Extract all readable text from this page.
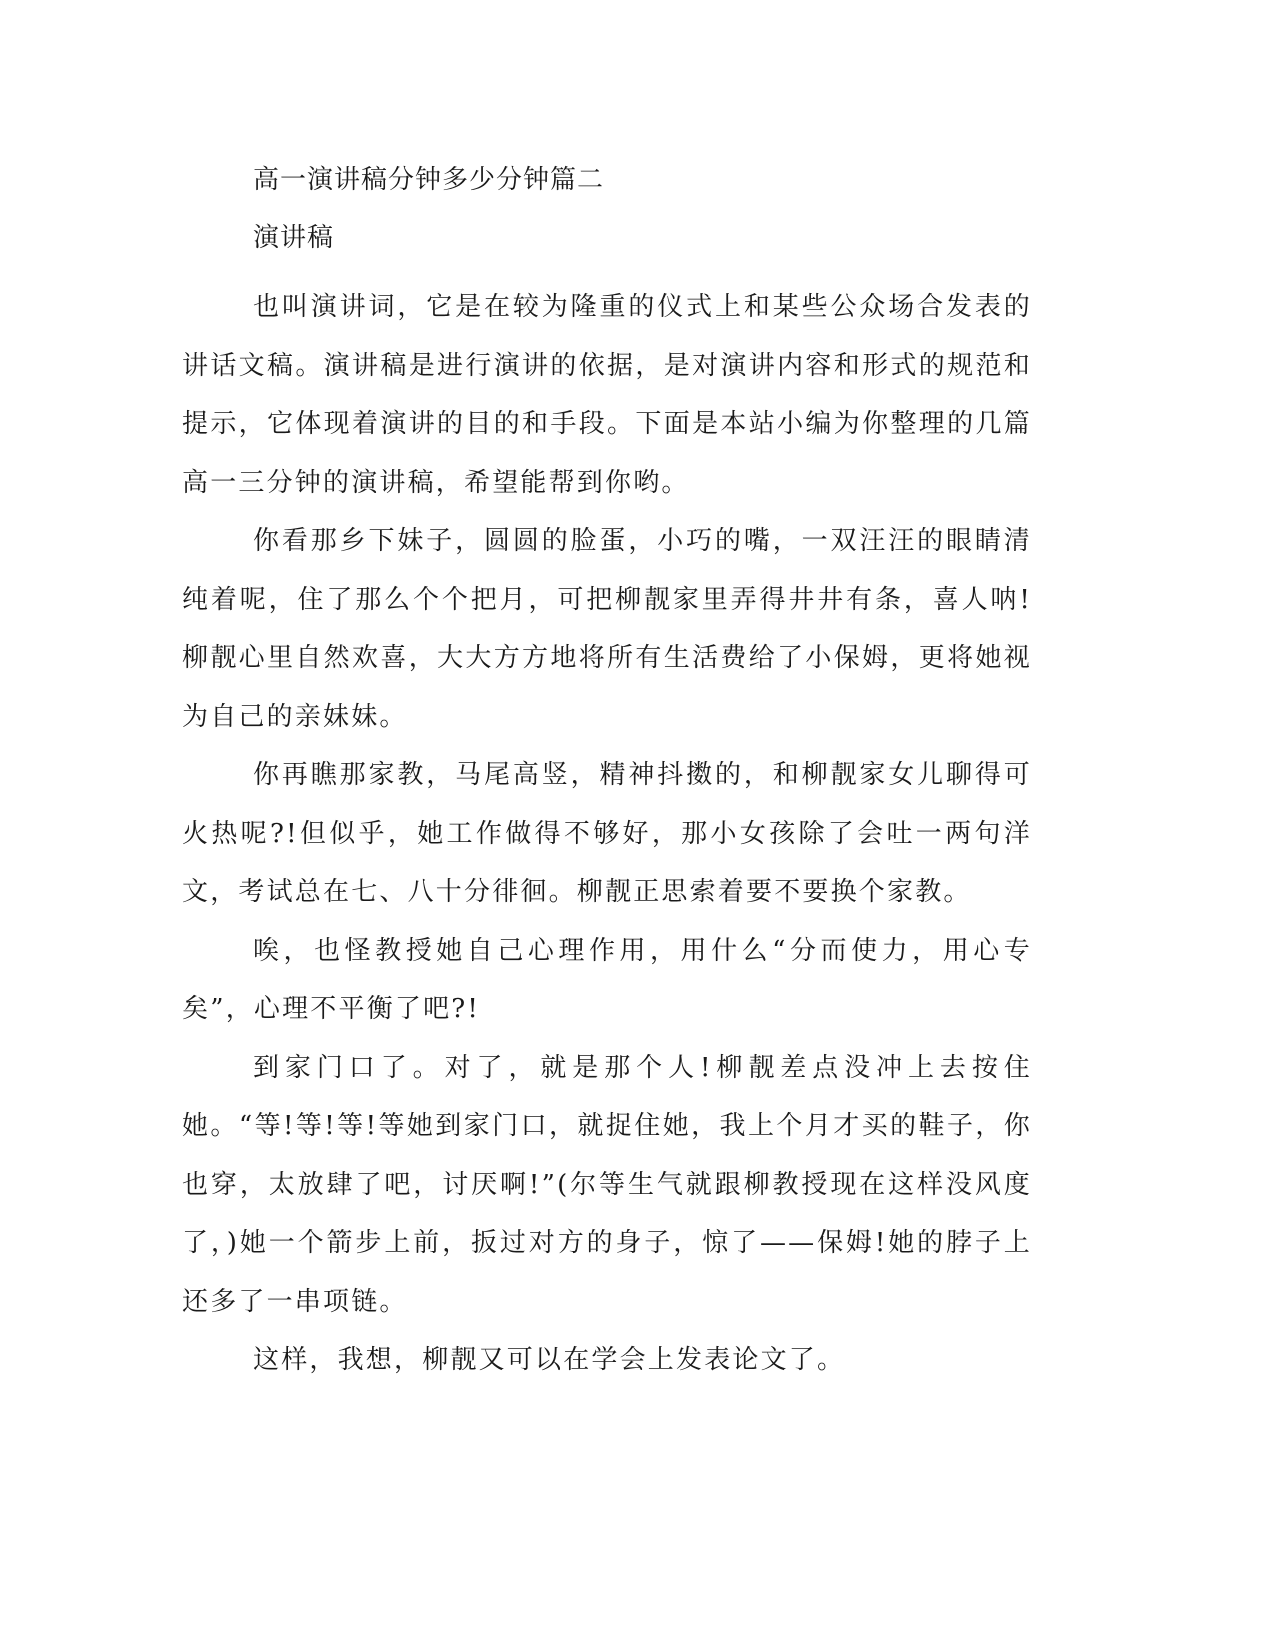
高一演讲稿分钟多少分钟篇二
演讲稿

也叫演讲词，它是在较为隆重的仪式上和某些公众场合发表的讲话文稿。演讲稿是进行演讲的依据，是对演讲内容和形式的规范和提示，它体现着演讲的目的和手段。下面是本站小编为你整理的几篇高一三分钟的演讲稿，希望能帮到你哟。

你看那乡下妹子，圆圆的脸蛋，小巧的嘴，一双汪汪的眼睛清纯着呢，住了那么个个把月，可把柳靓家里弄得井井有条，喜人呐!柳靓心里自然欢喜，大大方方地将所有生活费给了小保姆，更将她视为自己的亲妹妹。

你再瞧那家教，马尾高竖，精神抖擞的，和柳靓家女儿聊得可火热呢?!但似乎，她工作做得不够好，那小女孩除了会吐一两句洋文，考试总在七、八十分徘徊。柳靓正思索着要不要换个家教。

唉，也怪教授她自己心理作用，用什么“分而使力，用心专矣”，心理不平衡了吧?!

到家门口了。对了，就是那个人!柳靓差点没冲上去按住她。“等!等!等!等她到家门口，就捉住她，我上个月才买的鞋子，你也穿，太放肆了吧，讨厌啊!”(尔等生气就跟柳教授现在这样没风度了，)她一个箭步上前，扳过对方的身子，惊了——保姆!她的脖子上还多了一串项链。

这样，我想，柳靓又可以在学会上发表论文了。
